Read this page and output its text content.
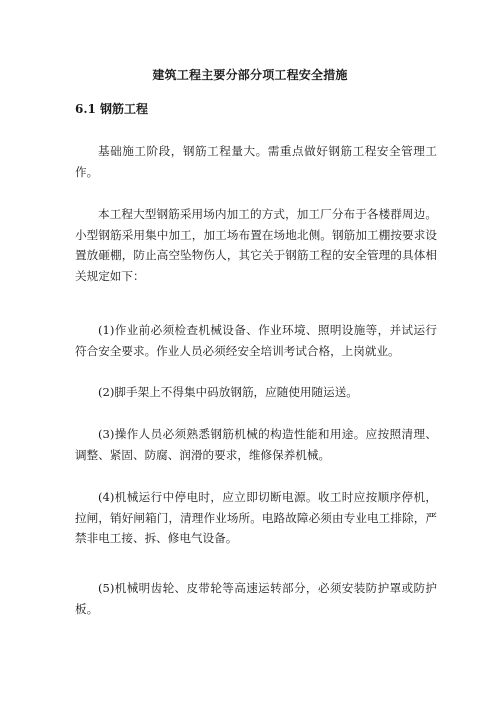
建筑工程主要分部分项工程安全措施
6.1 钢筋工程

基础施工阶段，钢筋工程量大。需重点做好钢筋工程安全管理工作。

本工程大型钢筋采用场内加工的方式，加工厂分布于各楼群周边。小型钢筋采用集中加工，加工场布置在场地北侧。钢筋加工棚按要求设置放砸棚，防止高空坠物伤人，其它关于钢筋工程的安全管理的具体相关规定如下：

(1)作业前必须检查机械设备、作业环境、照明设施等，并试运行符合安全要求。作业人员必须经安全培训考试合格，上岗就业。

(2)脚手架上不得集中码放钢筋，应随使用随运送。

(3)操作人员必须熟悉钢筋机械的构造性能和用途。应按照清理、调整、紧固、防腐、润滑的要求，维修保养机械。

(4)机械运行中停电时，应立即切断电源。收工时应按顺序停机，拉闸，销好闸箱门，清理作业场所。电路故障必须由专业电工排除，严禁非电工接、拆、修电气设备。

(5)机械明齿轮、皮带轮等高速运转部分，必须安装防护罩或防护板。
